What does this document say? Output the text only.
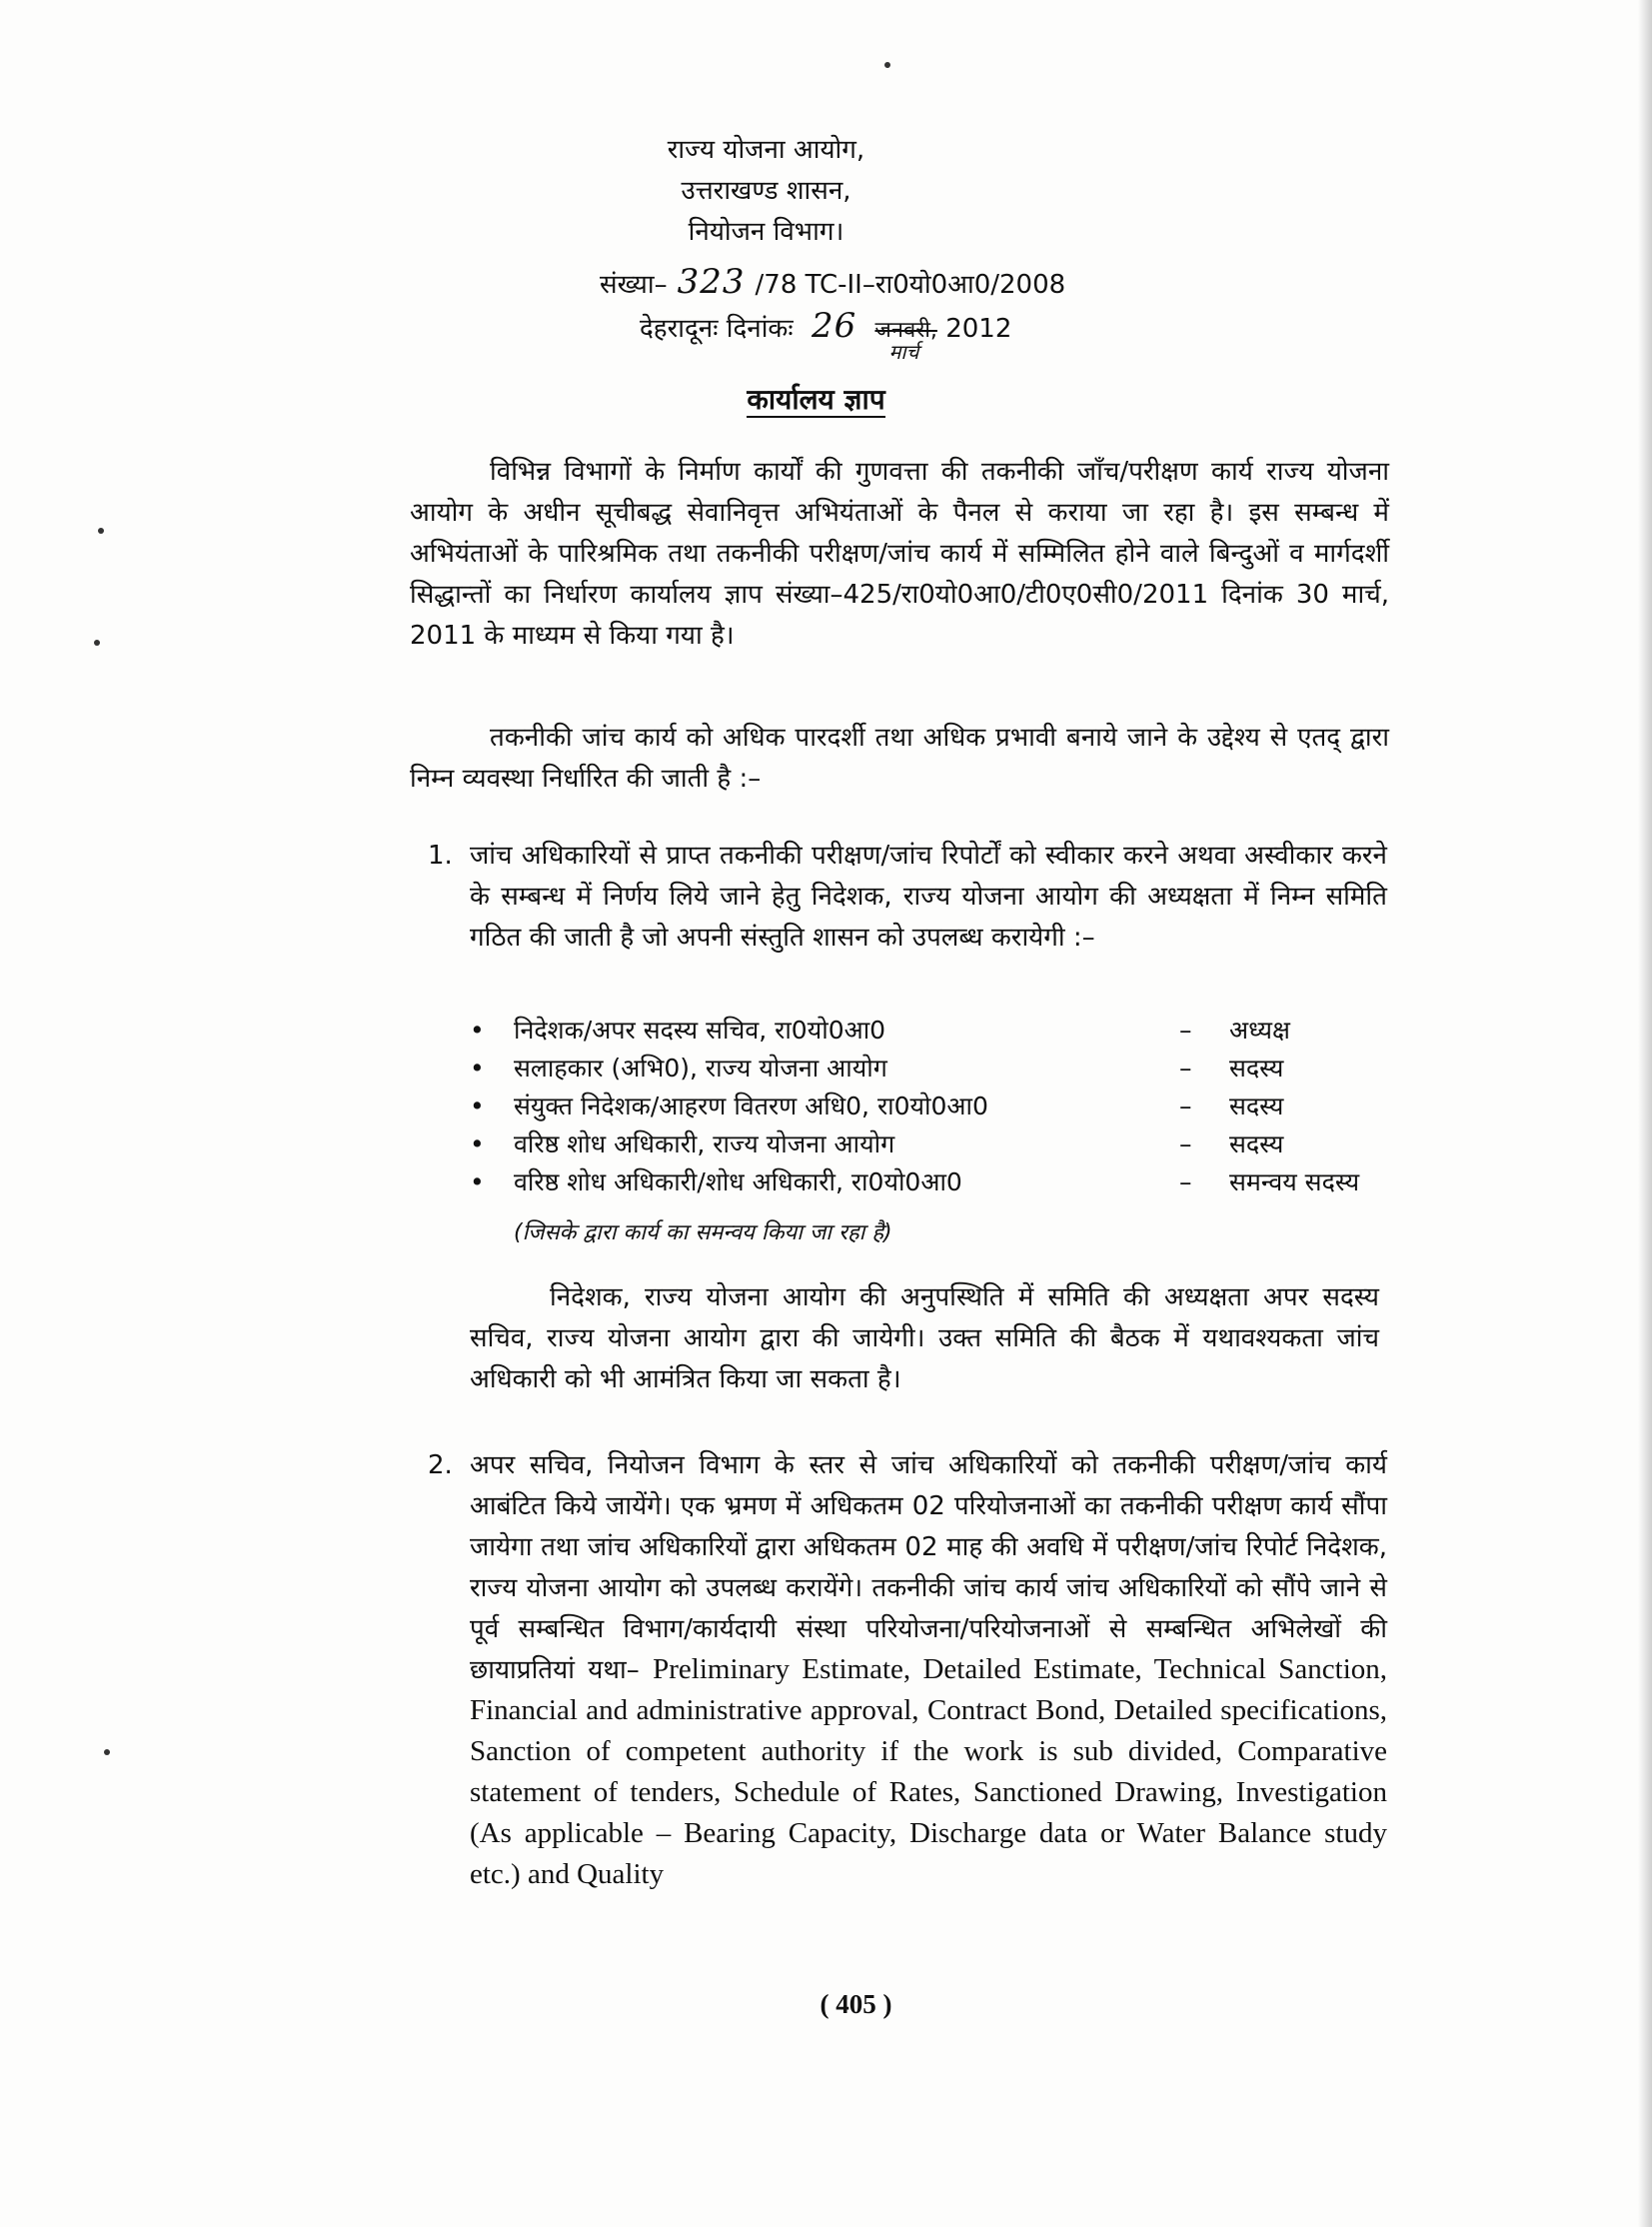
राज्य योजना आयोग,
उत्तराखण्ड शासन,
नियोजन विभाग।
संख्या– 323 /78 TC-II–रा0यो0आ0/2008
देहरादूनः दिनांकः 26 जनवरी,
मार्च
2012
कार्यालय ज्ञाप
विभिन्न विभागों के निर्माण कार्यों की गुणवत्ता की तकनीकी जाँच/परीक्षण कार्य राज्य योजना आयोग के अधीन सूचीबद्ध सेवानिवृत्त अभियंताओं के पैनल से कराया जा रहा है। इस सम्बन्ध में अभियंताओं के पारिश्रमिक तथा तकनीकी परीक्षण/जांच कार्य में सम्मिलित होने वाले बिन्दुओं व मार्गदर्शी सिद्धान्तों का निर्धारण कार्यालय ज्ञाप संख्या–425/रा0यो0आ0/टी0ए0सी0/2011 दिनांक 30 मार्च, 2011 के माध्यम से किया गया है।
तकनीकी जांच कार्य को अधिक पारदर्शी तथा अधिक प्रभावी बनाये जाने के उद्देश्य से एतद् द्वारा निम्न व्यवस्था निर्धारित की जाती है :–
1. जांच अधिकारियों से प्राप्त तकनीकी परीक्षण/जांच रिपोर्टों को स्वीकार करने अथवा अस्वीकार करने के सम्बन्ध में निर्णय लिये जाने हेतु निदेशक, राज्य योजना आयोग की अध्यक्षता में निम्न समिति गठित की जाती है जो अपनी संस्तुति शासन को उपलब्ध करायेगी :–
•	निदेशक/अपर सदस्य सचिव, रा0यो0आ0	– अध्यक्ष
•	सलाहकार (अभि0), राज्य योजना आयोग	– सदस्य
•	संयुक्त निदेशक/आहरण वितरण अधि0, रा0यो0आ0	– सदस्य
•	वरिष्ठ शोध अधिकारी, राज्य योजना आयोग	– सदस्य
•	वरिष्ठ शोध अधिकारी/शोध अधिकारी, रा0यो0आ0	– समन्वय सदस्य
(जिसके द्वारा कार्य का समन्वय किया जा रहा है)
निदेशक, राज्य योजना आयोग की अनुपस्थिति में समिति की अध्यक्षता अपर सदस्य सचिव, राज्य योजना आयोग द्वारा की जायेगी। उक्त समिति की बैठक में यथावश्यकता जांच अधिकारी को भी आमंत्रित किया जा सकता है।
2. अपर सचिव, नियोजन विभाग के स्तर से जांच अधिकारियों को तकनीकी परीक्षण/जांच कार्य आबंटित किये जायेंगे। एक भ्रमण में अधिकतम 02 परियोजनाओं का तकनीकी परीक्षण कार्य सौंपा जायेगा तथा जांच अधिकारियों द्वारा अधिकतम 02 माह की अवधि में परीक्षण/जांच रिपोर्ट निदेशक, राज्य योजना आयोग को उपलब्ध करायेंगे। तकनीकी जांच कार्य जांच अधिकारियों को सौंपे जाने से पूर्व सम्बन्धित विभाग/कार्यदायी संस्था परियोजना/परियोजनाओं से सम्बन्धित अभिलेखों की छायाप्रतियां यथा– Preliminary Estimate, Detailed Estimate, Technical Sanction, Financial and administrative approval, Contract Bond, Detailed specifications, Sanction of competent authority if the work is sub divided, Comparative statement of tenders, Schedule of Rates, Sanctioned Drawing, Investigation (As applicable – Bearing Capacity, Discharge data or Water Balance study etc.) and Quality
( 405 )
